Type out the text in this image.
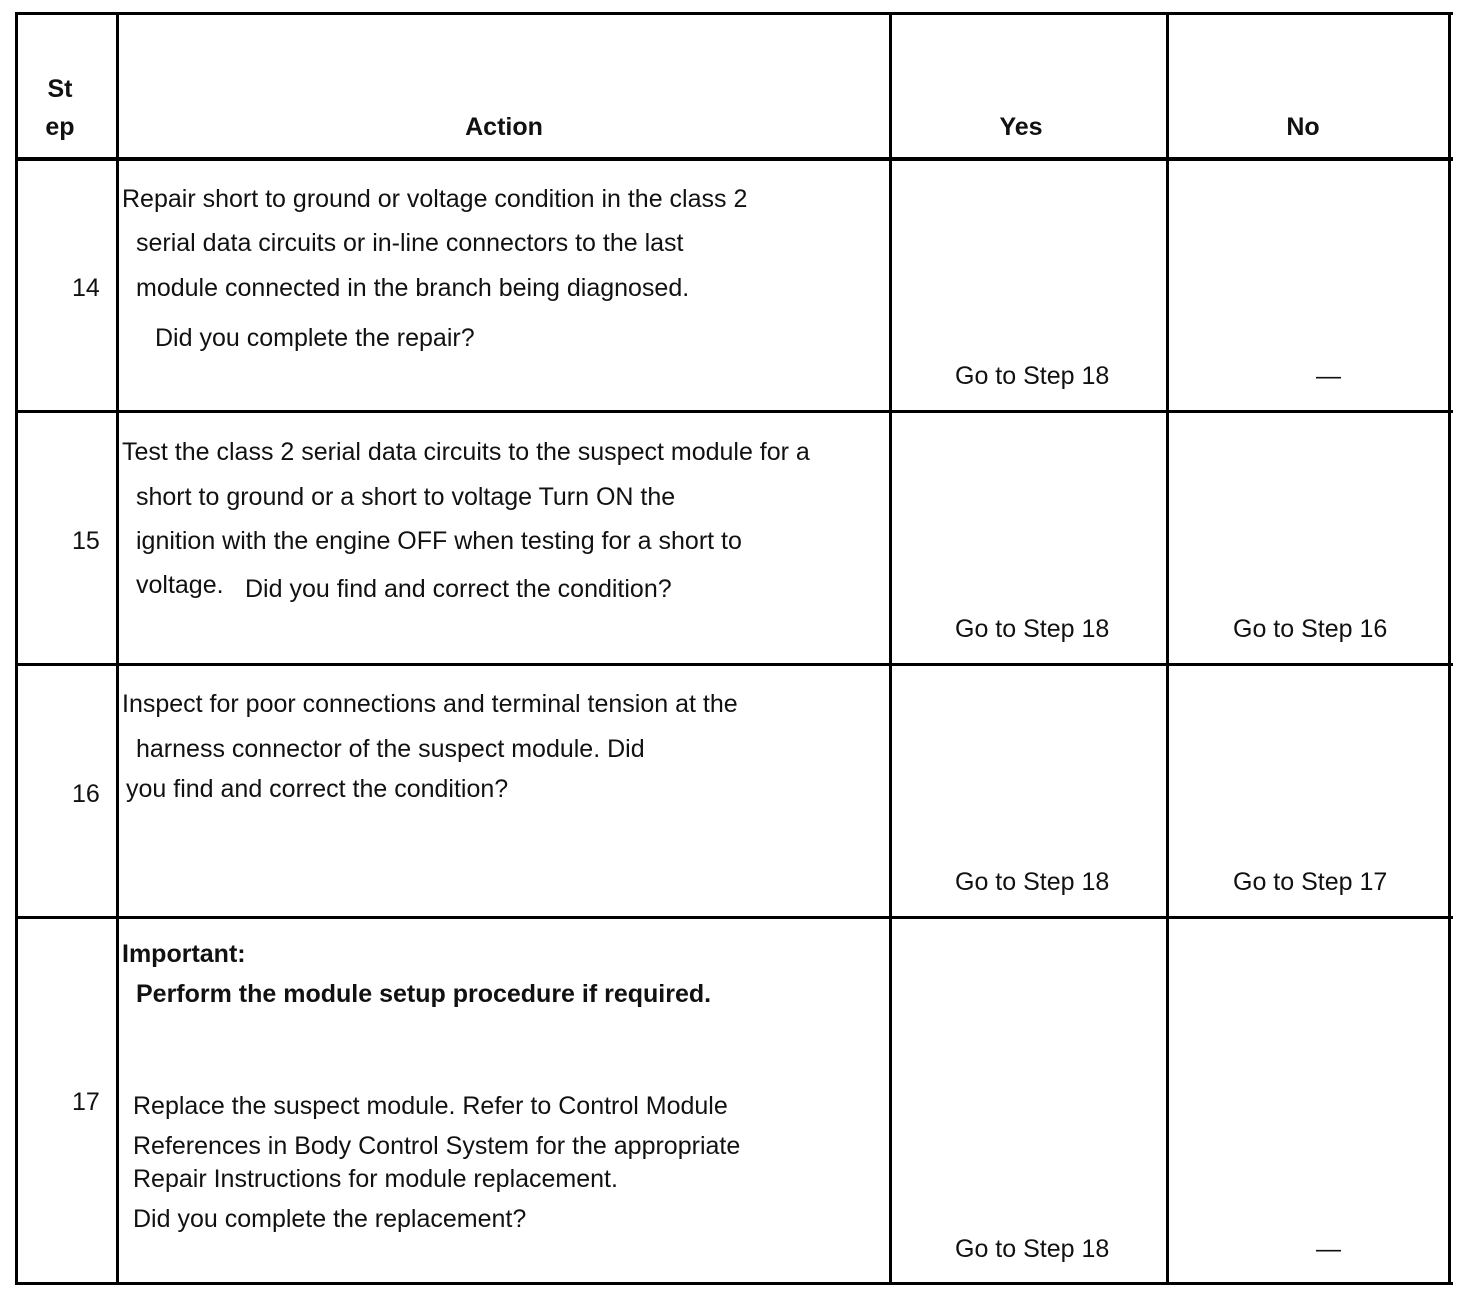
St
ep	Action	Yes	No
14
Repair short to ground or voltage condition in the class 2
serial data circuits or in-line connectors to the last
module connected in the branch being diagnosed.
Did you complete the repair?
Go to Step 18	—
15
Test the class 2 serial data circuits to the suspect module for a
short to ground or a short to voltage Turn ON the
ignition with the engine OFF when testing for a short to
voltage. Did you find and correct the condition?
Go to Step 18	Go to Step 16
16
Inspect for poor connections and terminal tension at the
harness connector of the suspect module. Did
you find and correct the condition?
Go to Step 18	Go to Step 17
17
Important:
Perform the module setup procedure if required.
Replace the suspect module. Refer to Control Module
References in Body Control System for the appropriate
Repair Instructions for module replacement.
Did you complete the replacement?
Go to Step 18	—
